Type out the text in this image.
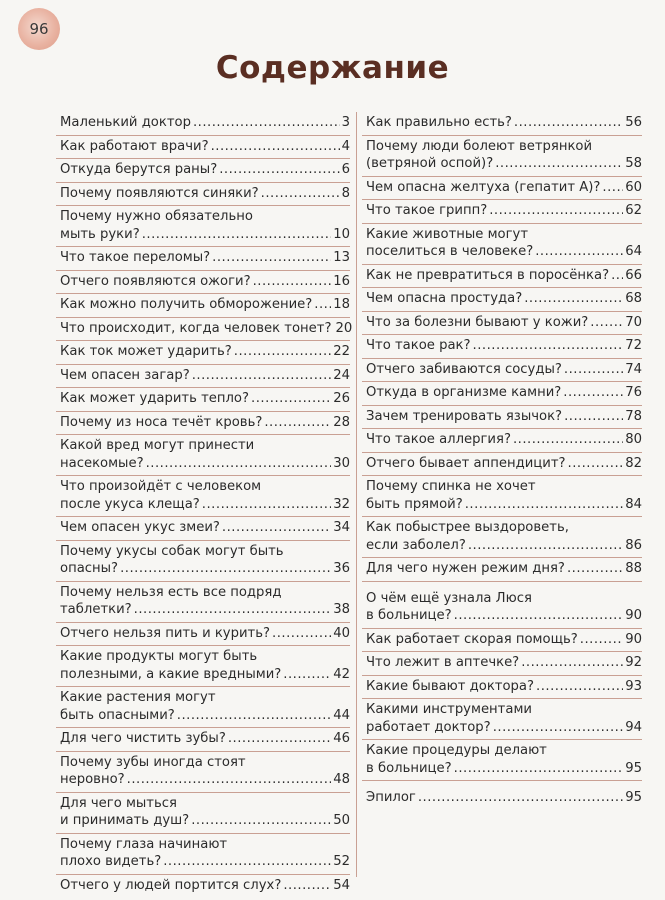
96
Содержание
Маленький доктор .....	3
Как работают врачи? .....	4
Откуда берутся раны? .....	6
Почему появляются синяки? .....	8
Почему нужно обязательно
мыть руки? .....	10
Что такое переломы? .....	13
Отчего появляются ожоги? .....	16
Как можно получить обморожение? ..... 18
Что происходит, когда человек тонет? 20
Как ток может ударить? .....	22
Чем опасен загар? .....	24
Как может ударить тепло? .....	26
Почему из носа течёт кровь? .....	28
Какой вред могут принести
насекомые? .....	30
Что произойдёт с человеком
после укуса клеща? .....	32
Чем опасен укус змеи? .....	34
Почему укусы собак могут быть
опасны? .....	36
Почему нельзя есть все подряд
таблетки? .....	38
Отчего нельзя пить и курить? .....	40
Какие продукты могут быть
полезными, а какие вредными? .....	42
Какие растения могут
быть опасными? .....	44
Для чего чистить зубы? .....	46
Почему зубы иногда стоят
неровно? .....	48
Для чего мыться
и принимать душ? .....	50
Почему глаза начинают
плохо видеть? .....	52
Отчего у людей портится слух? .....	54
Как правильно есть? .....	56
Почему люди болеют ветрянкой
(ветряной оспой)? .....	58
Чем опасна желтуха (гепатит А)? ..... 60
Что такое грипп? .....	62
Какие животные могут
поселиться в человеке? .....	64
Как не превратиться в поросёнка? ..... 66
Чем опасна простуда? .....	68
Что за болезни бывают у кожи? .....	70
Что такое рак? .....	72
Отчего забиваются сосуды? .....	74
Откуда в организме камни? .....	76
Зачем тренировать язычок? .....	78
Что такое аллергия? .....	80
Отчего бывает аппендицит? .....	82
Почему спинка не хочет
быть прямой? .....	84
Как побыстрее выздороветь,
если заболел? .....	86
Для чего нужен режим дня? .....	88
О чём ещё узнала Люся
в больнице? .....	90
Как работает скорая помощь? .....	90
Что лежит в аптечке? .....	92
Какие бывают доктора? .....	93
Какими инструментами
работает доктор? .....	94
Какие процедуры делают
в больнице? .....	95
Эпилог .....	95
